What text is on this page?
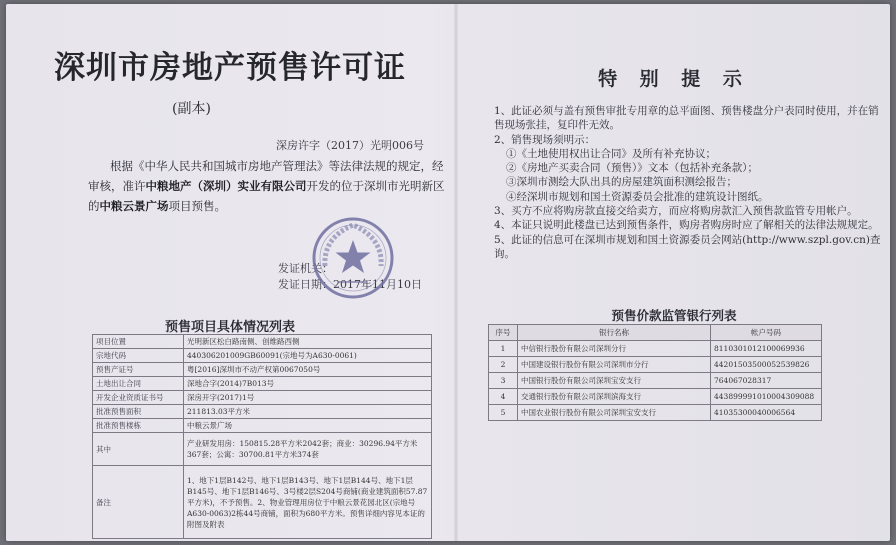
深圳市房地产预售许可证
(副本)
深房许字（2017）光明006号
根据《中华人民共和国城市房地产管理法》等法律法规的规定，经审核，准许中粮地产（深圳）实业有限公司开发的位于深圳市光明新区的中粮云景广场项目预售。
发证机关：
发证日期：2017年11月10日
预售项目具体情况列表
项目位置	光明新区松白路南侧、创维路西侧
宗地代码	440306201009GB60091(宗地号为A630-0061)
预售产证号	粤[2016]深圳市不动产权第0067050号
土地出让合同	深地合字(2014)7B013号
开发企业资质证书号	深房开字(2017)1号
批准预售面积	211813.03平方米
批准预售楼栋	中粮云景广场
其中	产业研发用房：150815.28平方米2042套；商业：30296.94平方米367套；公寓：30700.81平方米374套
备注	1、地下1层B142号、地下1层B143号、地下1层B144号、地下1层B145号、地下1层B146号、3号楼2层S204号商铺(商业建筑面积57.87平方米)，不予预售。2、物业管理用房位于中粮云景花园北区(宗地号A630-0063)2栋44号商铺，面积为680平方米。预售详细内容见本证的附图及附表
特 别 提 示

1、此证必须与盖有预售审批专用章的总平面图、预售楼盘分户表同时使用，并在销售现场张挂，复印件无效。

2、销售现场须明示：

①《土地使用权出让合同》及所有补充协议；

②《房地产买卖合同（预售）》文本（包括补充条款）；

③深圳市测绘大队出具的房屋建筑面积测绘报告；

④经深圳市规划和国土资源委员会批准的建筑设计图纸。

3、买方不应将购房款直接交给卖方，而应将购房款汇入预售款监管专用帐户。

4、本证只说明此楼盘已达到预售条件，购房者购房时应了解相关的法律法规规定。

5、此证的信息可在深圳市规划和国土资源委员会网站(http://www.szpl.gov.cn)查询。

预售价款监管银行列表
序号	银行名称	帐户号码
1	中信银行股份有限公司深圳分行	8110301012100069936
2	中国建设银行股份有限公司深圳市分行	44201503500052539826
3	中国银行股份有限公司深圳宝安支行	764067028317
4	交通银行股份有限公司深圳滨海支行	443899991010004309088
5	中国农业银行股份有限公司深圳宝安支行	41035300040006564
